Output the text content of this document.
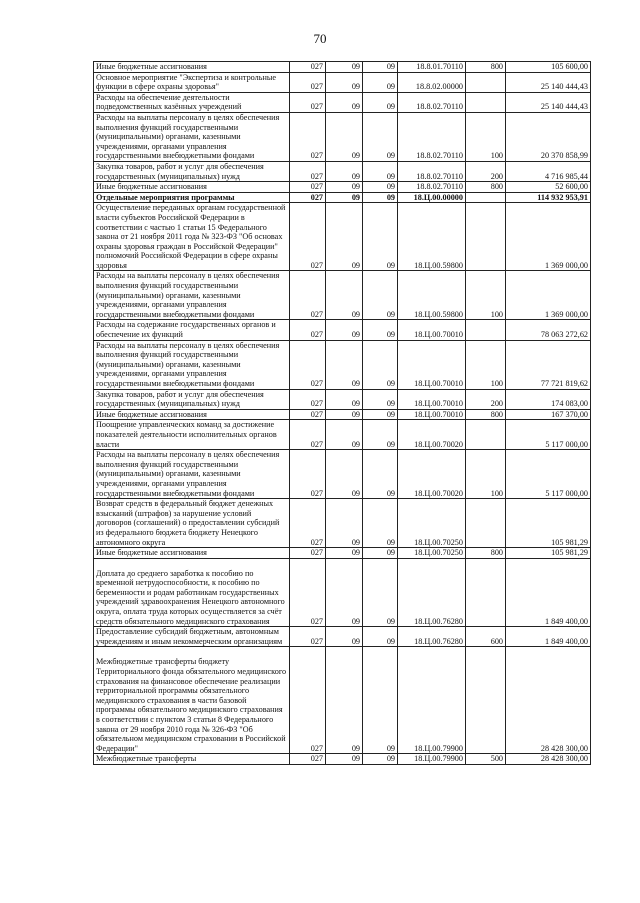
70
Иные бюджетные ассигнования	027	09	09	18.8.01.70110	800	105 600,00
Основное мероприятие "Экспертиза и контрольные функции в сфере охраны здоровья"	027	09	09	18.8.02.00000		25 140 444,43
Расходы на обеспечение деятельности подведомственных казённых учреждений	027	09	09	18.8.02.70110		25 140 444,43
Расходы на выплаты персоналу в целях обеспечения выполнения функций государственными (муниципальными) органами, казенными учреждениями, органами управления государственными внебюджетными фондами	027	09	09	18.8.02.70110	100	20 370 858,99
Закупка товаров, работ и услуг для обеспечения государственных (муниципальных) нужд	027	09	09	18.8.02.70110	200	4 716 985,44
Иные бюджетные ассигнования	027	09	09	18.8.02.70110	800	52 600,00
Отдельные мероприятия программы	027	09	09	18.Ц.00.00000		114 932 953,91
Осуществление переданных органам государственной власти субъектов Российской Федерации в соответствии с частью 1 статьи 15 Федерального закона от 21 ноября 2011 года № 323-ФЗ "Об основах охраны здоровья граждан в Российской Федерации" полномочий Российской Федерации в сфере охраны здоровья	027	09	09	18.Ц.00.59800		1 369 000,00
Расходы на выплаты персоналу в целях обеспечения выполнения функций государственными (муниципальными) органами, казенными учреждениями, органами управления государственными внебюджетными фондами	027	09	09	18.Ц.00.59800	100	1 369 000,00
Расходы на содержание государственных органов и обеспечение их функций	027	09	09	18.Ц.00.70010		78 063 272,62
Расходы на выплаты персоналу в целях обеспечения выполнения функций государственными (муниципальными) органами, казенными учреждениями, органами управления государственными внебюджетными фондами	027	09	09	18.Ц.00.70010	100	77 721 819,62
Закупка товаров, работ и услуг для обеспечения государственных (муниципальных) нужд	027	09	09	18.Ц.00.70010	200	174 083,00
Иные бюджетные ассигнования	027	09	09	18.Ц.00.70010	800	167 370,00
Поощрение управленческих команд за достижение показателей деятельности исполнительных органов власти	027	09	09	18.Ц.00.70020		5 117 000,00
Расходы на выплаты персоналу в целях обеспечения выполнения функций государственными (муниципальными) органами, казенными учреждениями, органами управления государственными внебюджетными фондами	027	09	09	18.Ц.00.70020	100	5 117 000,00
Возврат средств в федеральный бюджет денежных взысканий (штрафов) за нарушение условий договоров (соглашений) о предоставлении субсидий из федерального бюджета бюджету Ненецкого автономного округа	027	09	09	18.Ц.00.70250		105 981,29
Иные бюджетные ассигнования	027	09	09	18.Ц.00.70250	800	105 981,29
Доплата до среднего заработка к пособию по временной нетрудоспособности, к пособию по беременности и родам работникам государственных учреждений здравоохранения Ненецкого автономного округа, оплата труда которых осуществляется за счёт средств обязательного медицинского страхования	027	09	09	18.Ц.00.76280		1 849 400,00
Предоставление субсидий бюджетным, автономным учреждениям и иным некоммерческим организациям	027	09	09	18.Ц.00.76280	600	1 849 400,00
Межбюджетные трансферты бюджету Территориального фонда обязательного медицинского страхования на финансовое обеспечение реализации территориальной программы обязательного медицинского страхования в части базовой программы обязательного медицинского страхования в соответствии с пунктом 3 статьи 8 Федерального закона от 29 ноября 2010 года № 326-ФЗ "Об обязательном медицинском страховании в Российской Федерации"	027	09	09	18.Ц.00.79900		28 428 300,00
Межбюджетные трансферты	027	09	09	18.Ц.00.79900	500	28 428 300,00
